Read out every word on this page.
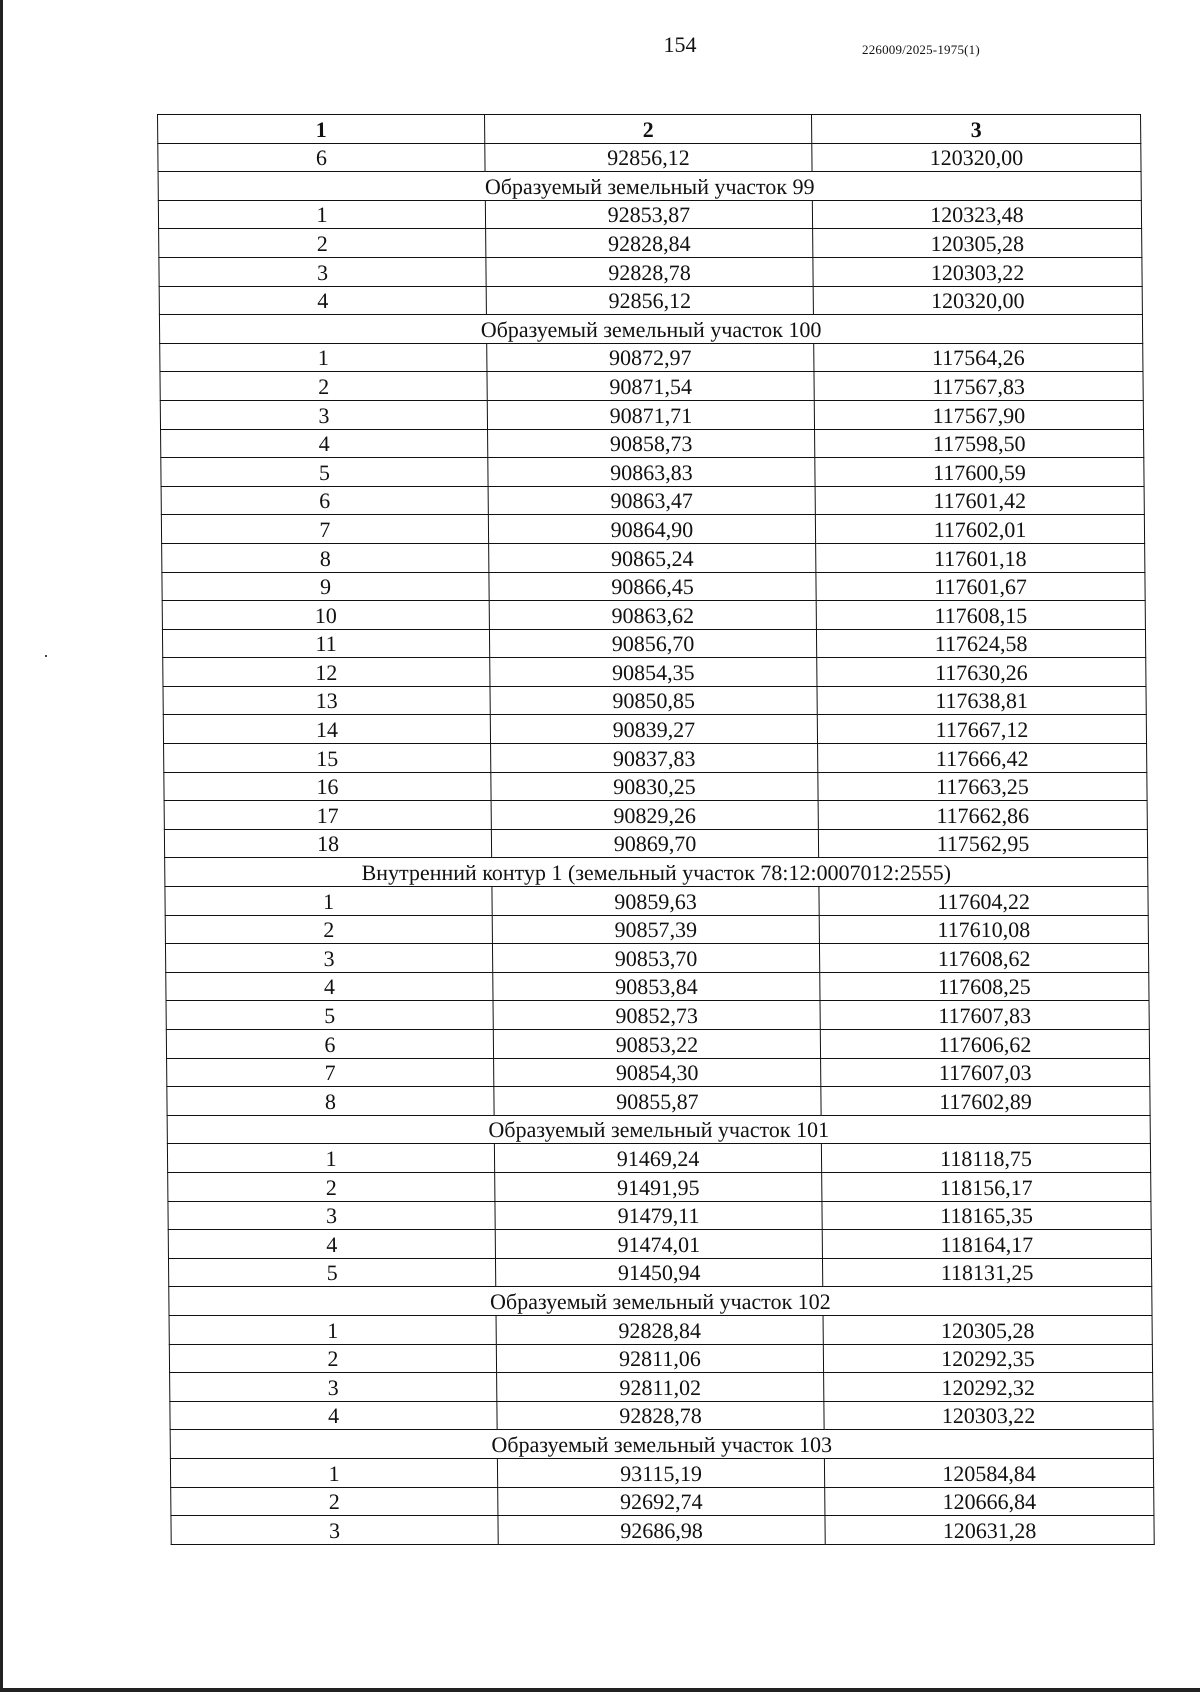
154	226009/2025-1975(1)
1	2	3
6	92856,12	120320,00
Образуемый земельный участок 99		
1	92853,87	120323,48
2	92828,84	120305,28
3	92828,78	120303,22
4	92856,12	120320,00
Образуемый земельный участок 100		
1	90872,97	117564,26
2	90871,54	117567,83
3	90871,71	117567,90
4	90858,73	117598,50
5	90863,83	117600,59
6	90863,47	117601,42
7	90864,90	117602,01
8	90865,24	117601,18
9	90866,45	117601,67
10	90863,62	117608,15
11	90856,70	117624,58
12	90854,35	117630,26
13	90850,85	117638,81
14	90839,27	117667,12
15	90837,83	117666,42
16	90830,25	117663,25
17	90829,26	117662,86
18	90869,70	117562,95
Внутренний контур 1 (земельный участок 78:12:0007012:2555)		
1	90859,63	117604,22
2	90857,39	117610,08
3	90853,70	117608,62
4	90853,84	117608,25
5	90852,73	117607,83
6	90853,22	117606,62
7	90854,30	117607,03
8	90855,87	117602,89
Образуемый земельный участок 101		
1	91469,24	118118,75
2	91491,95	118156,17
3	91479,11	118165,35
4	91474,01	118164,17
5	91450,94	118131,25
Образуемый земельный участок 102		
1	92828,84	120305,28
2	92811,06	120292,35
3	92811,02	120292,32
4	92828,78	120303,22
Образуемый земельный участок 103		
1	93115,19	120584,84
2	92692,74	120666,84
3	92686,98	120631,28
